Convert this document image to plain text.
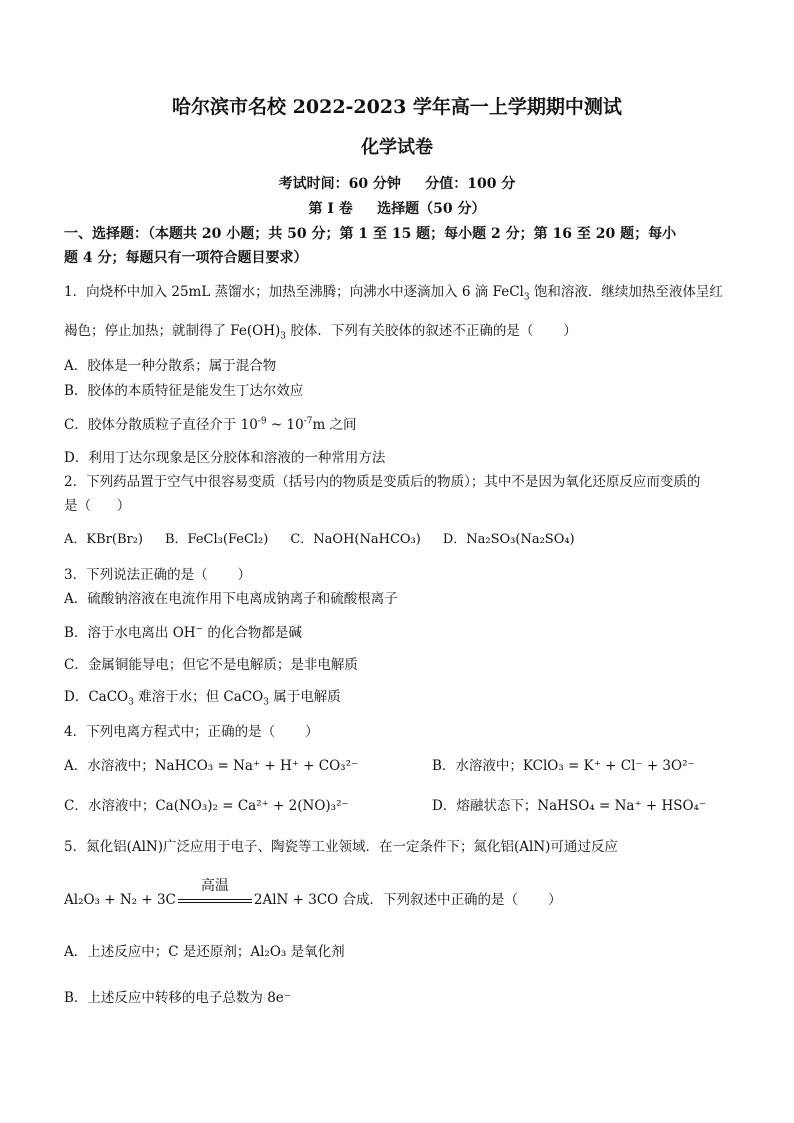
哈尔滨市名校 2022-2023 学年高一上学期期中测试
化学试卷
考试时间：60 分钟     分值：100 分
第 I 卷     选择题（50 分）
一、选择题：（本题共 20 小题；共 50 分；第 1 至 15 题；每小题 2 分；第 16 至 20 题；每小
题 4 分；每题只有一项符合题目要求）
1．向烧杯中加入 25mL 蒸馏水；加热至沸腾；向沸水中逐滴加入 6 滴 FeCl$_3$ 饱和溶液．继续加热至液体呈红
褐色；停止加热；就制得了 $Fe(OH)_3$ 胶体．下列有关胶体的叙述不正确的是（       ）
A．胶体是一种分散系；属于混合物
B．胶体的本质特征是能发生丁达尔效应
C．胶体分散质粒子直径介于 $10^{-9}$ ~ $10^{-7}m$ 之间
D．利用丁达尔现象是区分胶体和溶液的一种常用方法
2．下列药品置于空气中很容易变质（括号内的物质是变质后的物质）；其中不是因为氧化还原反应而变质的
是（      ）
A．KBr(Br₂) B．FeCl₃(FeCl₂) C．NaOH(NaHCO₃) D．Na₂SO₃(Na₂SO₄)
3．下列说法正确的是（       ）
A．硫酸钠溶液在电流作用下电离成钠离子和硫酸根离子
B．溶于水电离出 OH− 的化合物都是碱
C．金属铜能导电；但它不是电解质；是非电解质
D．CaCO$_3$ 难溶于水；但 CaCO$_3$ 属于电解质
4．下列电离方程式中；正确的是（       ）
A．水溶液中；NaHCO₃ = Na⁺ + H⁺ + CO₃²⁻	B．水溶液中；KClO₃ = K⁺ + Cl⁻ + 3O²⁻
C．水溶液中；Ca(NO₃)₂ = Ca²⁺ + 2(NO)₃²⁻	D．熔融状态下；NaHSO₄ = Na⁺ + HSO₄⁻
5．氮化铝(AlN)广泛应用于电子、陶瓷等工业领域．在一定条件下；氮化铝(AlN)可通过反应
Al₂O₃ + N₂ + 3C
高温
2AlN + 3CO 合成．下列叙述中正确的是（       ）
A．上述反应中；C 是还原剂；Al₂O₃ 是氧化剂
B．上述反应中转移的电子总数为 8e⁻
